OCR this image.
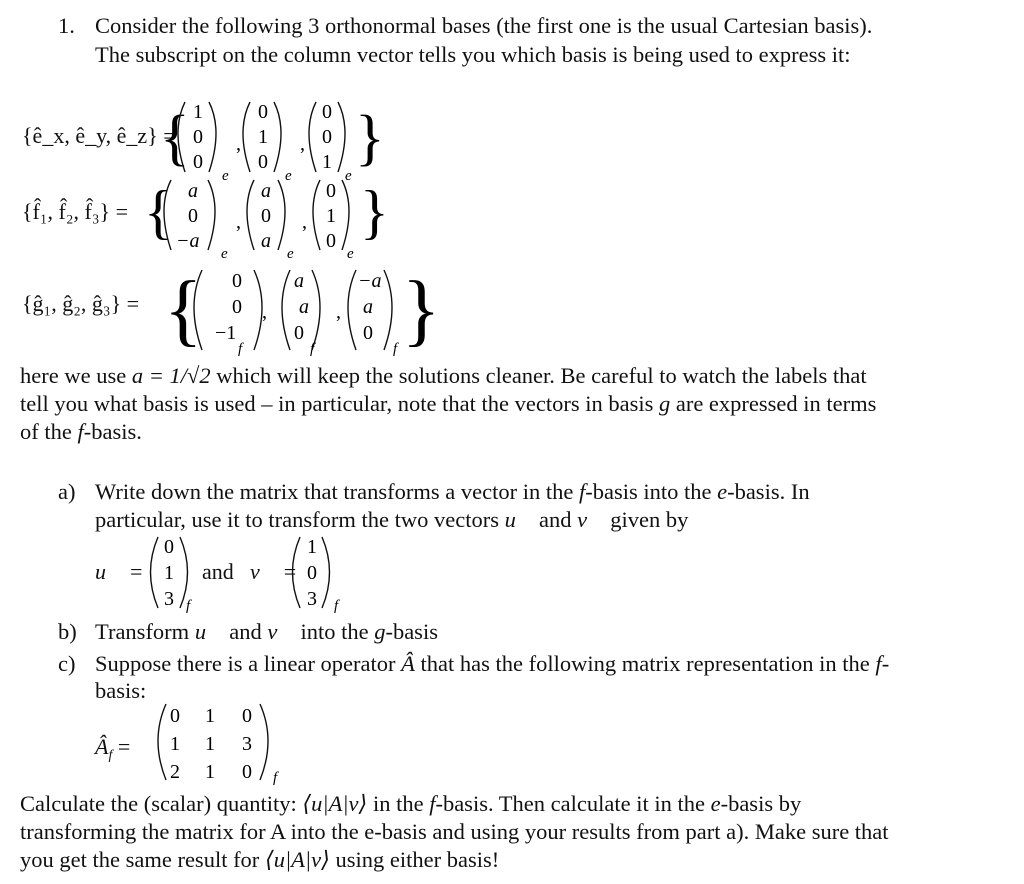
1. Consider the following 3 orthonormal bases (the first one is the usual Cartesian basis).
The subscript on the column vector tells you which basis is being used to express it:
{ê_x, ê_y, ê_z} =
{ 1
0
0
e
,
0
1
0
e
,
0
0
1
e
}
{f̂₁, f̂₂, f̂₃} = { a
0
−a
e
,
a
0
a
e
,
0
1
0
e
}
{ĝ₁, ĝ₂, ĝ₃} = { 0
0
−1
f
,
a
a
0
f
,
−a
a
0
f }
here we use a = 1/√2 which will keep the solutions cleaner. Be careful to watch the labels that
tell you what basis is used – in particular, note that the vectors in basis g are expressed in terms
of the f-basis.
a) Write down the matrix that transforms a vector in the f-basis into the e-basis. In
particular, use it to transform the two vectors u⃗ and v⃗ given by
u⃗ =	and v⃗ =
0
1
3 f
1
0
3 f
b) Transform u⃗ and v⃗ into the g-basis
c) Suppose there is a linear operator Â that has the following matrix representation in the f-
basis:
$Â_f$ =
0 1 0
1 1 3
2 1 0 f
Calculate the (scalar) quantity: ⟨u|A|v⟩ in the f-basis. Then calculate it in the e-basis by
transforming the matrix for A into the e-basis and using your results from part a). Make sure that
you get the same result for ⟨u|A|v⟩ using either basis!
